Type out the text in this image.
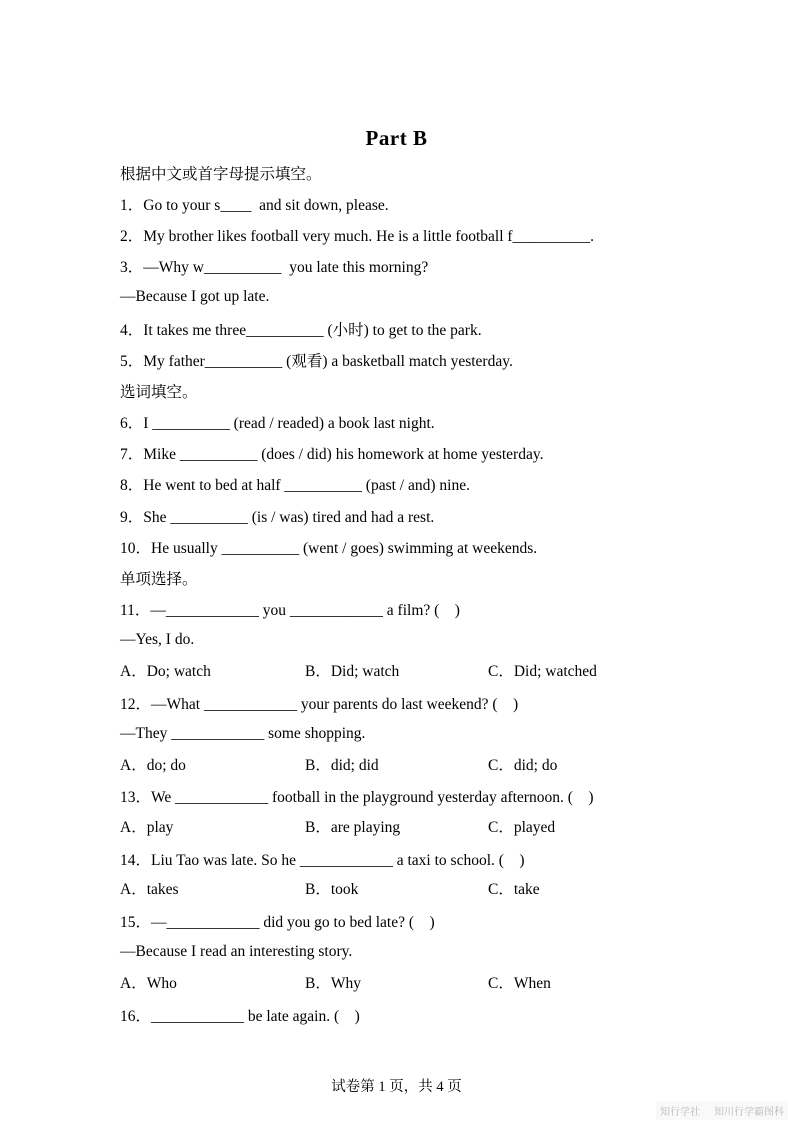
Part B
根据中文或首字母提示填空。
1．Go to your s____  and sit down, please.
2．My brother likes football very much. He is a little football f__________.
3．—Why w__________  you late this morning?
—Because I got up late.
4．It takes me three__________ (小时) to get to the park.
5．My father__________ (观看) a basketball match yesterday.
选词填空。
6．I __________ (read / readed) a book last night.
7．Mike __________ (does / did) his homework at home yesterday.
8．He went to bed at half __________ (past / and) nine.
9．She __________ (is / was) tired and had a rest.
10．He usually __________ (went / goes) swimming at weekends.
单项选择。
11．—____________ you ____________ a film? (　)
—Yes, I do.

A．Do; watch

	B．Did; watch

	C．Did; watched

12．—What ____________ your parents do last weekend? (　)
—They ____________ some shopping.

A．do; do

	B．did; did

	C．did; do

13．We ____________ football in the playground yesterday afternoon. (　)

A．play

	B．are playing

	C．played

14．Liu Tao was late. So he ____________ a taxi to school. (　)

A．takes

	B．took

	C．take

15．—____________ did you go to bed late? (　)
—Because I read an interesting story.

A．Who

	B．Why

	C．When

16．____________ be late again. (　)
试卷第 1 页，共 4 页
知行学社 知川行学霸图科
